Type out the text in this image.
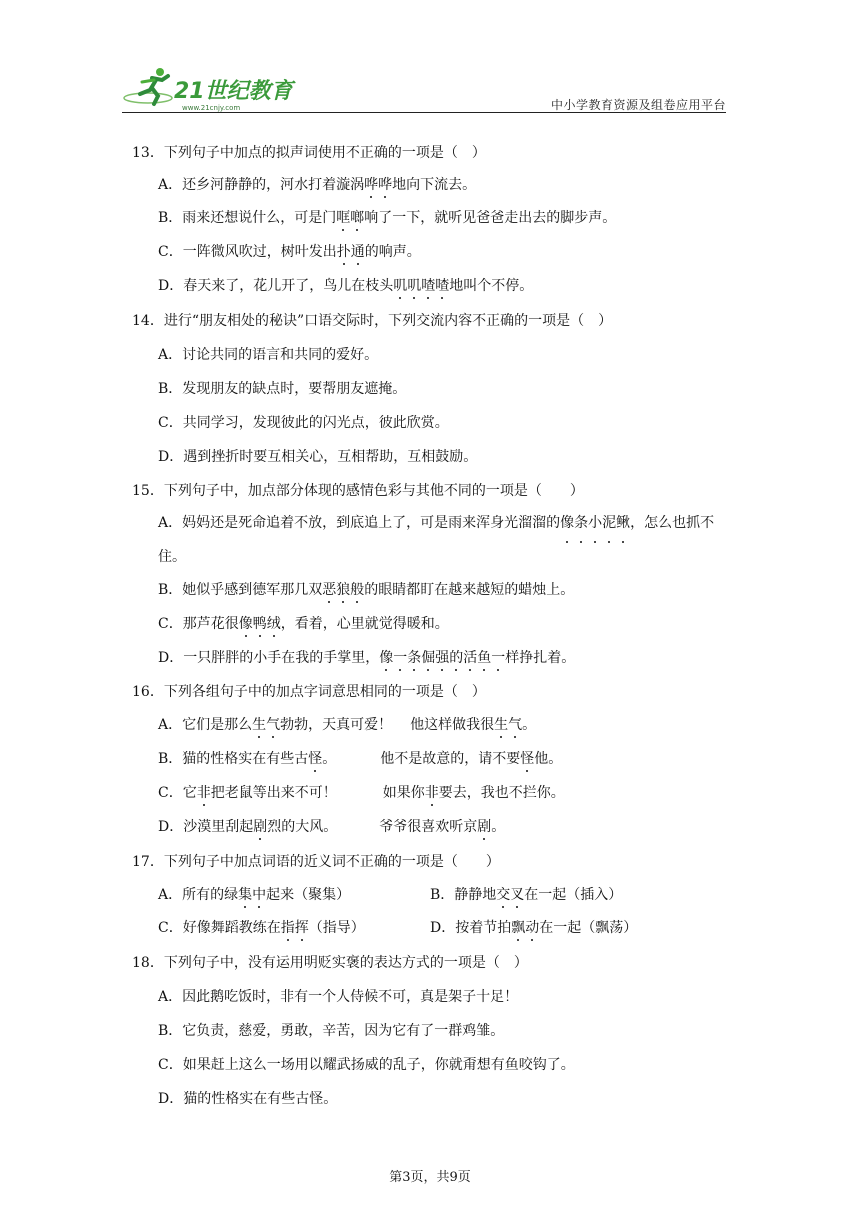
21世纪教育
www.21cnjy.com	中小学教育资源及组卷应用平台
13．下列句子中加点的拟声词使用不正确的一项是（　）
A．还乡河静静的，河水打着漩涡哗哗地向下流去。
B．雨来还想说什么，可是门哐啷响了一下，就听见爸爸走出去的脚步声。
C．一阵微风吹过，树叶发出扑通的响声。
D．春天来了，花儿开了，鸟儿在枝头叽叽喳喳地叫个不停。
14．进行“朋友相处的秘诀”口语交际时，下列交流内容不正确的一项是（　）
A．讨论共同的语言和共同的爱好。
B．发现朋友的缺点时，要帮朋友遮掩。
C．共同学习，发现彼此的闪光点，彼此欣赏。
D．遇到挫折时要互相关心，互相帮助，互相鼓励。
15．下列句子中，加点部分体现的感情色彩与其他不同的一项是（　　）
A．妈妈还是死命追着不放，到底追上了，可是雨来浑身光溜溜的像条小泥鳅，怎么也抓不住。
B．她似乎感到德军那几双恶狼般的眼睛都盯在越来越短的蜡烛上。
C．那芦花很像鸭绒，看着，心里就觉得暖和。
D．一只胖胖的小手在我的手掌里，像一条倔强的活鱼一样挣扎着。
16．下列各组句子中的加点字词意思相同的一项是（　）
A．它们是那么生气勃勃，天真可爱！ 他这样做我很生气。
B．猫的性格实在有些古怪。	他不是故意的，请不要怪他。
C．它非把老鼠等出来不可！	如果你非要去，我也不拦你。
D．沙漠里刮起剧烈的大风。	爷爷很喜欢听京剧。
17．下列句子中加点词语的近义词不正确的一项是（　　）
A．所有的绿集中起来（聚集）	B．静静地交叉在一起（插入）
C．好像舞蹈教练在指挥（指导）	D．按着节拍飘动在一起（飘荡）
18．下列句子中，没有运用明贬实褒的表达方式的一项是（　）
A．因此鹅吃饭时，非有一个人侍候不可，真是架子十足！
B．它负责，慈爱，勇敢，辛苦，因为它有了一群鸡雏。
C．如果赶上这么一场用以耀武扬威的乱子，你就甭想有鱼咬钩了。
D．猫的性格实在有些古怪。
第3页，共9页
